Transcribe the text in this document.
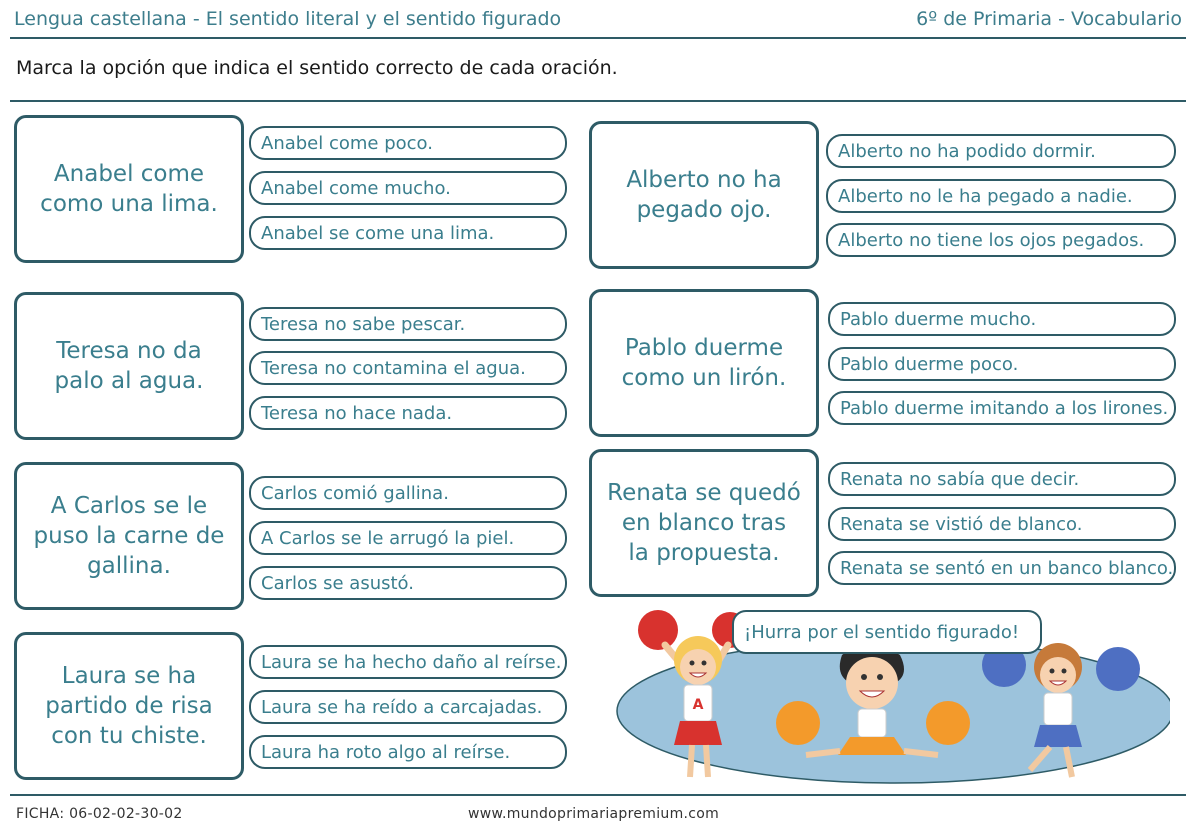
Lengua castellana - El sentido literal y el sentido figurado	6º de Primaria - Vocabulario
Marca la opción que indica el sentido correcto de cada oración.
Anabel come
como una lima.
Anabel come poco.
Anabel come mucho.
Anabel se come una lima.
Teresa no da
palo al agua.
Teresa no sabe pescar.
Teresa no contamina el agua.
Teresa no hace nada.
A Carlos se le
puso la carne de
gallina.
Carlos comió gallina.
A Carlos se le arrugó la piel.
Carlos se asustó.
Laura se ha
partido de risa
con tu chiste.
Laura se ha hecho daño al reírse.
Laura se ha reído a carcajadas.
Laura ha roto algo al reírse.
Alberto no ha
pegado ojo.
Alberto no ha podido dormir.
Alberto no le ha pegado a nadie.
Alberto no tiene los ojos pegados.
Pablo duerme
como un lirón.
Pablo duerme mucho.
Pablo duerme poco.
Pablo duerme imitando a los lirones.
Renata se quedó
en blanco tras
la propuesta.
Renata no sabía que decir.
Renata se vistió de blanco.
Renata se sentó en un banco blanco.
A
¡Hurra por el sentido figurado!
FICHA: 06-02-02-30-02	www.mundoprimariapremium.com
